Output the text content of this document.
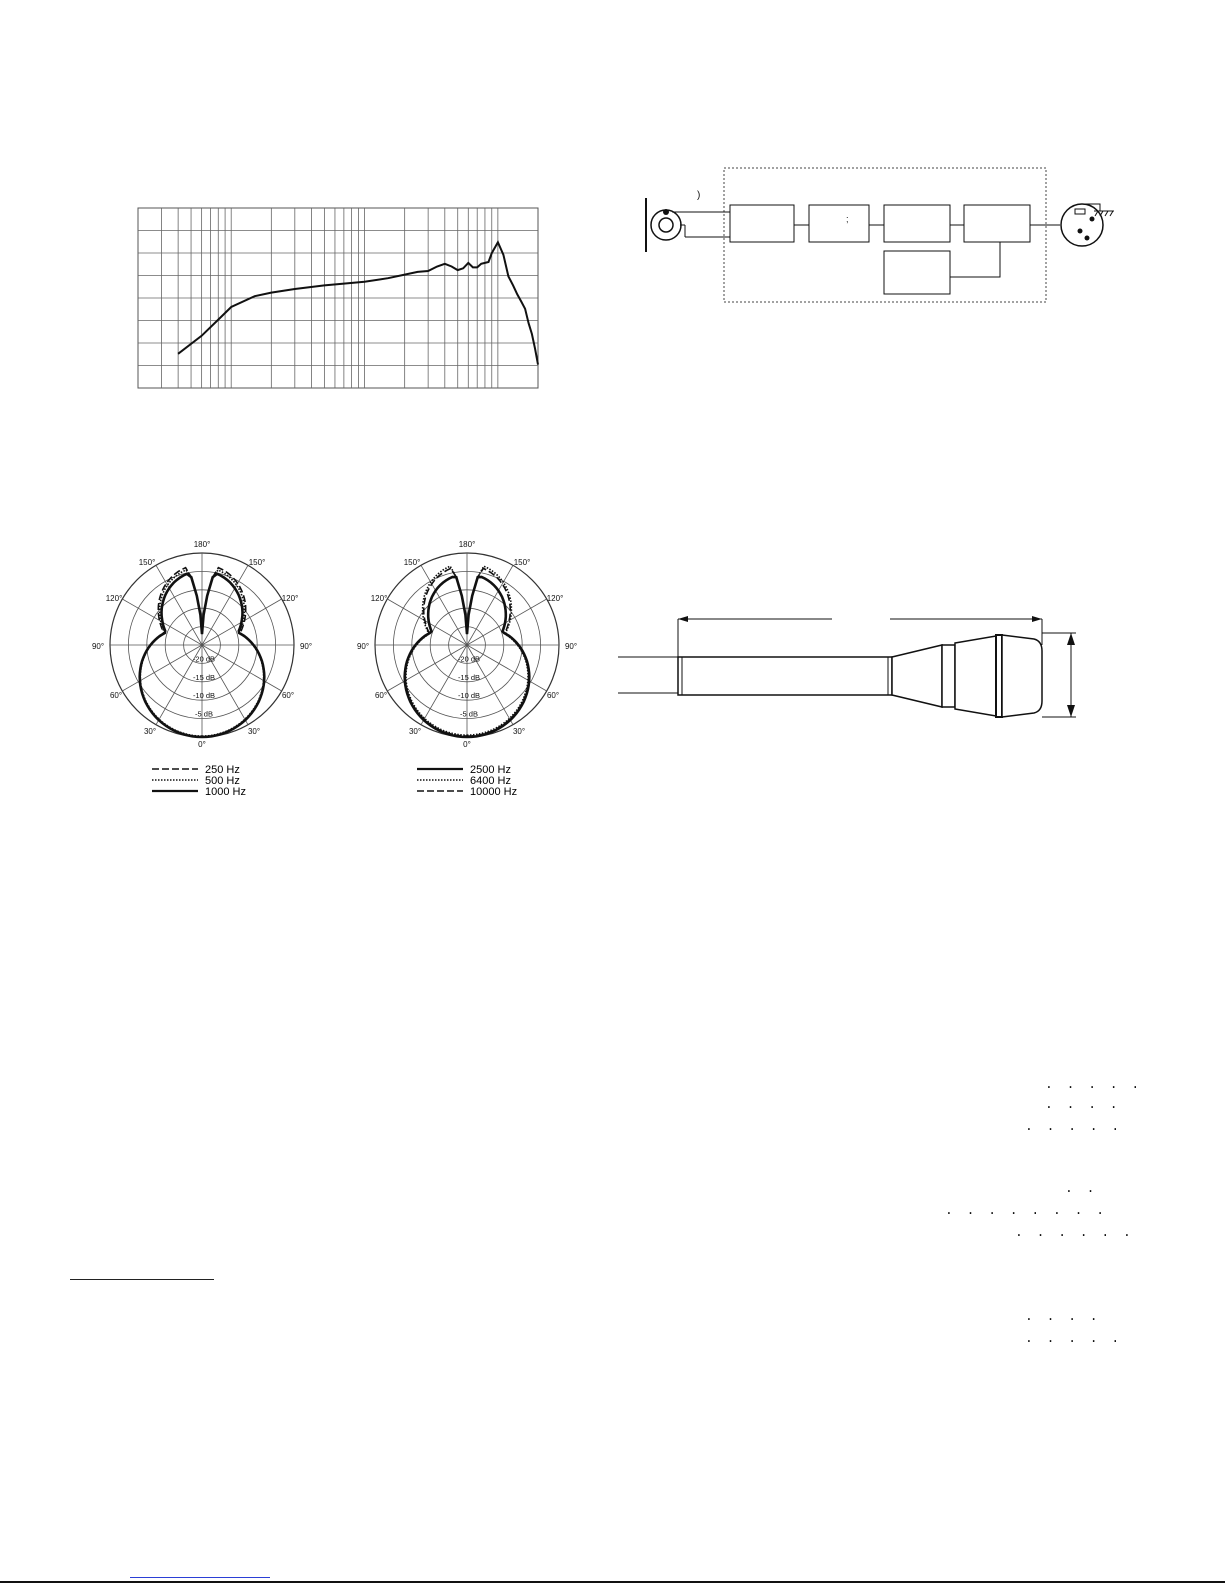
)
;
180°
150°	150°
120°	120°
90°	90°
60°	60°
30°	30°
0°
-20 dB
-15 dB
-10 dB
-5 dB
250 Hz
500 Hz
1000 Hz
180°
150°	150°
120°	120°
90°	90°
60°	60°
30°	30°
0°
-20 dB
-15 dB
-10 dB
-5 dB
2500 Hz
6400 Hz
10000 Hz
. . . . .
. . . .
. . . . .
. .
. . . . . . . .
. . . . . .
. . . .
. . . . .
